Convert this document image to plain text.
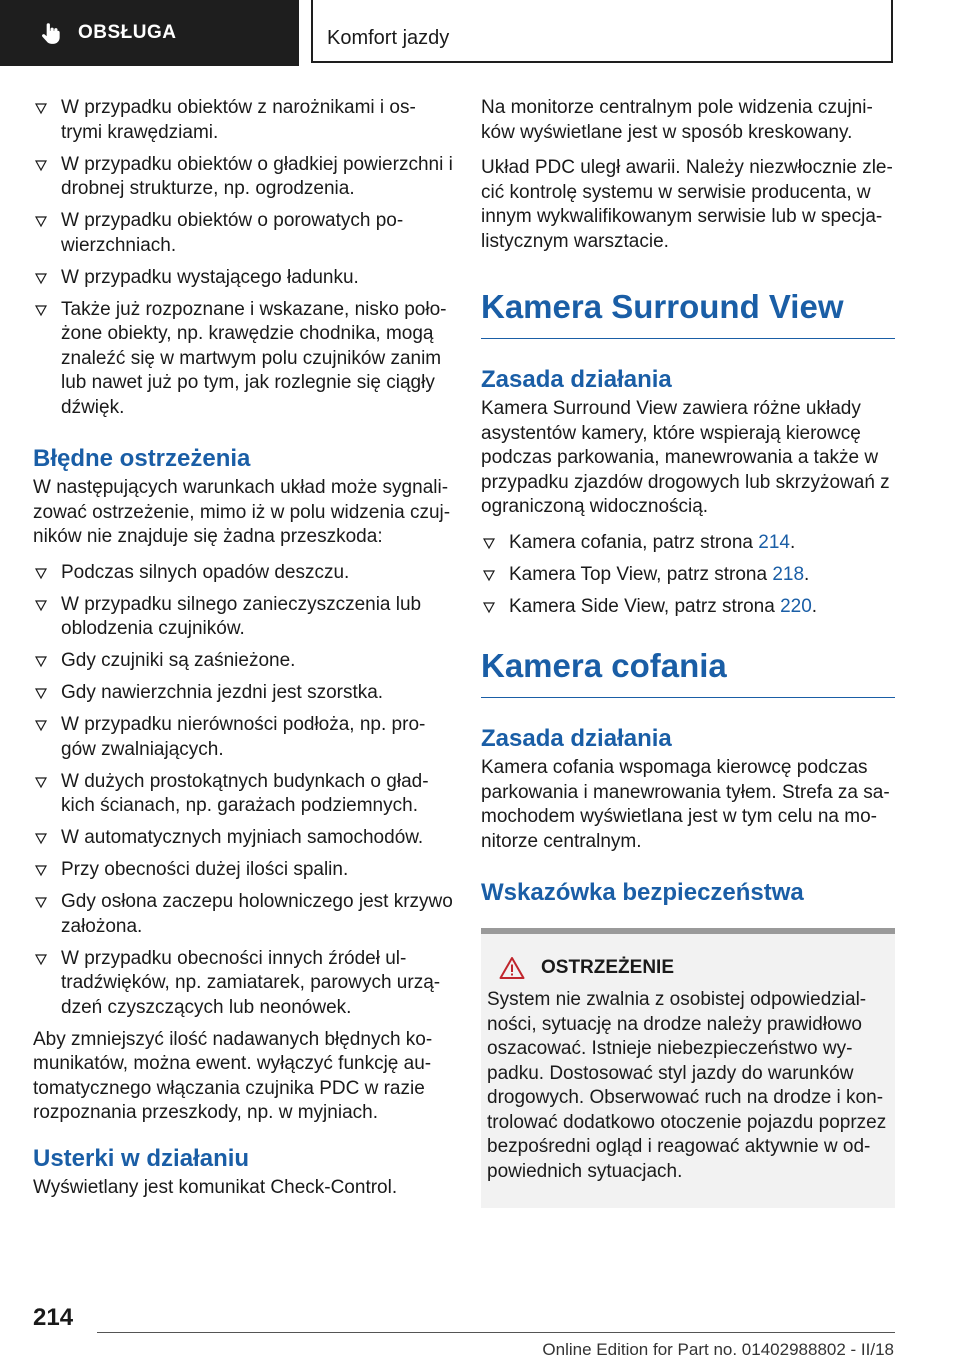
OBSŁUGA	Komfort jazdy
W przypadku obiektów z narożnikami i os-trymi krawędziami.
W przypadku obiektów o gładkiej powierzchni i drobnej strukturze, np. ogrodzenia.
W przypadku obiektów o porowatych po-wierzchniach.
W przypadku wystającego ładunku.
Także już rozpoznane i wskazane, nisko poło-żone obiekty, np. krawędzie chodnika, mogą znaleźć się w martwym polu czujników zanim lub nawet już po tym, jak rozlegnie się ciągły dźwięk.
Błędne ostrzeżenia

W następujących warunkach układ może sygnali-zować ostrzeżenie, mimo iż w polu widzenia czuj-ników nie znajduje się żadna przeszkoda:

Podczas silnych opadów deszczu.
W przypadku silnego zanieczyszczenia lub oblodzenia czujników.
Gdy czujniki są zaśnieżone.
Gdy nawierzchnia jezdni jest szorstka.
W przypadku nierówności podłoża, np. pro-gów zwalniających.
W dużych prostokątnych budynkach o gład-kich ścianach, np. garażach podziemnych.
W automatycznych myjniach samochodów.
Przy obecności dużej ilości spalin.
Gdy osłona zaczepu holowniczego jest krzywo założona.
W przypadku obecności innych źródeł ul-tradźwięków, np. zamiatarek, parowych urzą-dzeń czyszczących lub neonówek.

Aby zmniejszyć ilość nadawanych błędnych ko-munikatów, można ewent. wyłączyć funkcję au-tomatycznego włączania czujnika PDC w razie rozpoznania przeszkody, np. w myjniach.

Usterki w działaniu

Wyświetlany jest komunikat Check-Control.

Na monitorze centralnym pole widzenia czujni-ków wyświetlane jest w sposób kreskowany.

Układ PDC uległ awarii. Należy niezwłocznie zle-cić kontrolę systemu w serwisie producenta, w innym wykwalifikowanym serwisie lub w specja-listycznym warsztacie.

Kamera Surround View
Zasada działania

Kamera Surround View zawiera różne układy asystentów kamery, które wspierają kierowcę podczas parkowania, manewrowania a także w przypadku zjazdów drogowych lub skrzyżowań z ograniczoną widocznością.

Kamera cofania, patrz strona 214.
Kamera Top View, patrz strona 218.
Kamera Side View, patrz strona 220.
Kamera cofania
Zasada działania

Kamera cofania wspomaga kierowcę podczas parkowania i manewrowania tyłem. Strefa za sa-mochodem wyświetlana jest w tym celu na mo-nitorze centralnym.

Wskazówka bezpieczeństwa
OSTRZEŻENIE

System nie zwalnia z osobistej odpowiedzial-ności, sytuację na drodze należy prawidłowo oszacować. Istnieje niebezpieczeństwo wy-padku. Dostosować styl jazdy do warunków drogowych. Obserwować ruch na drodze i kon-trolować dodatkowo otoczenie pojazdu poprzez bezpośredni ogląd i reagować aktywnie w od-powiednich sytuacjach.

214
Online Edition for Part no. 01402988802 - II/18
